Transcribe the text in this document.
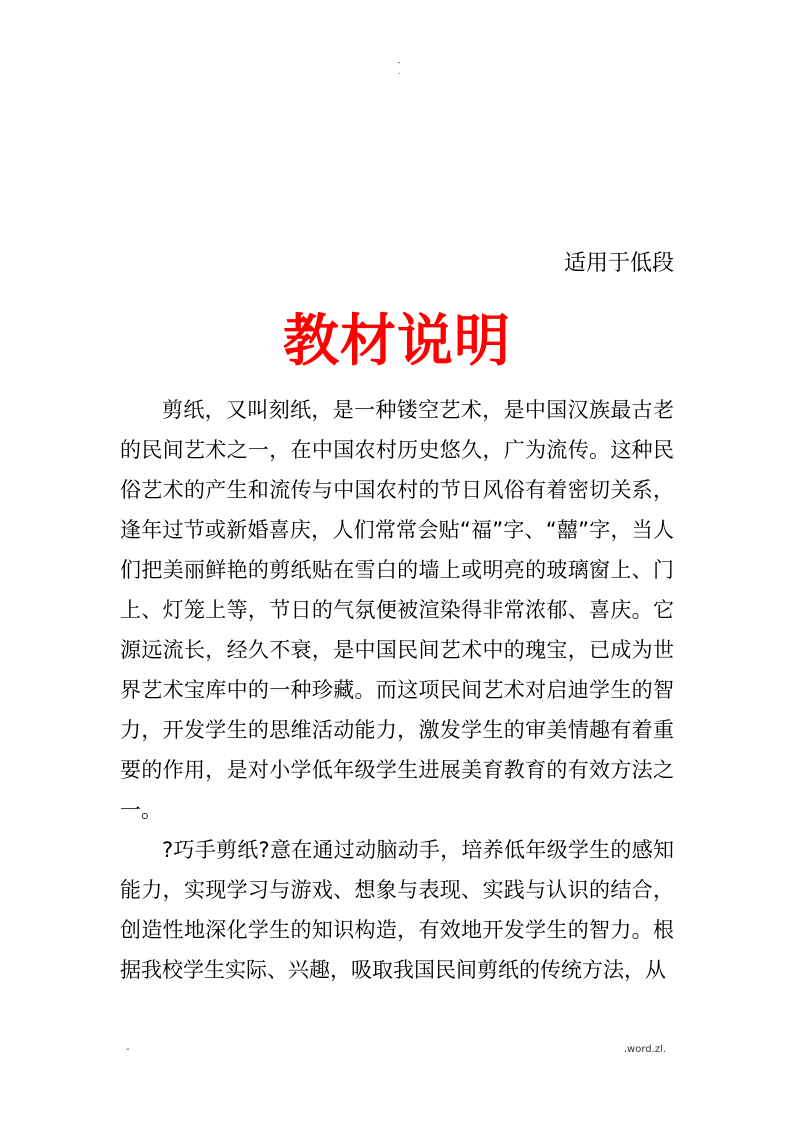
-
.
适用于低段
教材说明

剪纸，又叫刻纸，是一种镂空艺术，是中国汉族最古老的民间艺术之一，在中国农村历史悠久，广为流传。这种民俗艺术的产生和流传与中国农村的节日风俗有着密切关系，逢年过节或新婚喜庆，人们常常会贴“福”字、“囍”字，当人们把美丽鲜艳的剪纸贴在雪白的墙上或明亮的玻璃窗上、门上、灯笼上等，节日的气氛便被渲染得非常浓郁、喜庆。它源远流长，经久不衰，是中国民间艺术中的瑰宝，已成为世界艺术宝库中的一种珍藏。而这项民间艺术对启迪学生的智力，开发学生的思维活动能力，激发学生的审美情趣有着重要的作用，是对小学低年级学生进展美育教育的有效方法之一。

?巧手剪纸?意在通过动脑动手，培养低年级学生的感知能力，实现学习与游戏、想象与表现、实践与认识的结合，创造性地深化学生的知识构造，有效地开发学生的智力。根据我校学生实际、兴趣，吸取我国民间剪纸的传统方法，从

-	.word.zl.
